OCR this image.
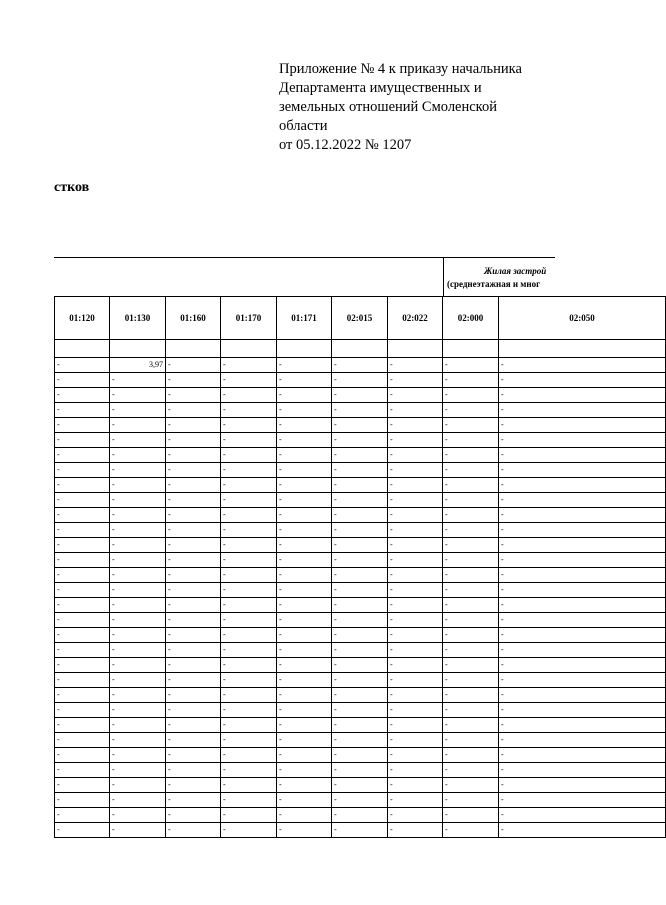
Приложение № 4 к приказу начальника
Департамента имущественных и
земельных отношений Смоленской
области
от 05.12.2022 № 1207
стков
Жилая застрой
(среднеэтажная и мног
01:120	01:130	01:160	01:170	01:171	02:015	02:022	02:000	02:050

-	3,97	-	-	-	-	-	-	-
-	-	-	-	-	-	-	-	-
-	-	-	-	-	-	-	-	-
-	-	-	-	-	-	-	-	-
-	-	-	-	-	-	-	-	-
-	-	-	-	-	-	-	-	-
-	-	-	-	-	-	-	-	-
-	-	-	-	-	-	-	-	-
-	-	-	-	-	-	-	-	-
-	-	-	-	-	-	-	-	-
-	-	-	-	-	-	-	-	-
-	-	-	-	-	-	-	-	-
-	-	-	-	-	-	-	-	-
-	-	-	-	-	-	-	-	-
-	-	-	-	-	-	-	-	-
-	-	-	-	-	-	-	-	-
-	-	-	-	-	-	-	-	-
-	-	-	-	-	-	-	-	-
-	-	-	-	-	-	-	-	-
-	-	-	-	-	-	-	-	-
-	-	-	-	-	-	-	-	-
-	-	-	-	-	-	-	-	-
-	-	-	-	-	-	-	-	-
-	-	-	-	-	-	-	-	-
-	-	-	-	-	-	-	-	-
-	-	-	-	-	-	-	-	-
-	-	-	-	-	-	-	-	-
-	-	-	-	-	-	-	-	-
-	-	-	-	-	-	-	-	-
-	-	-	-	-	-	-	-	-
-	-	-	-	-	-	-	-	-
-	-	-	-	-	-	-	-	-
